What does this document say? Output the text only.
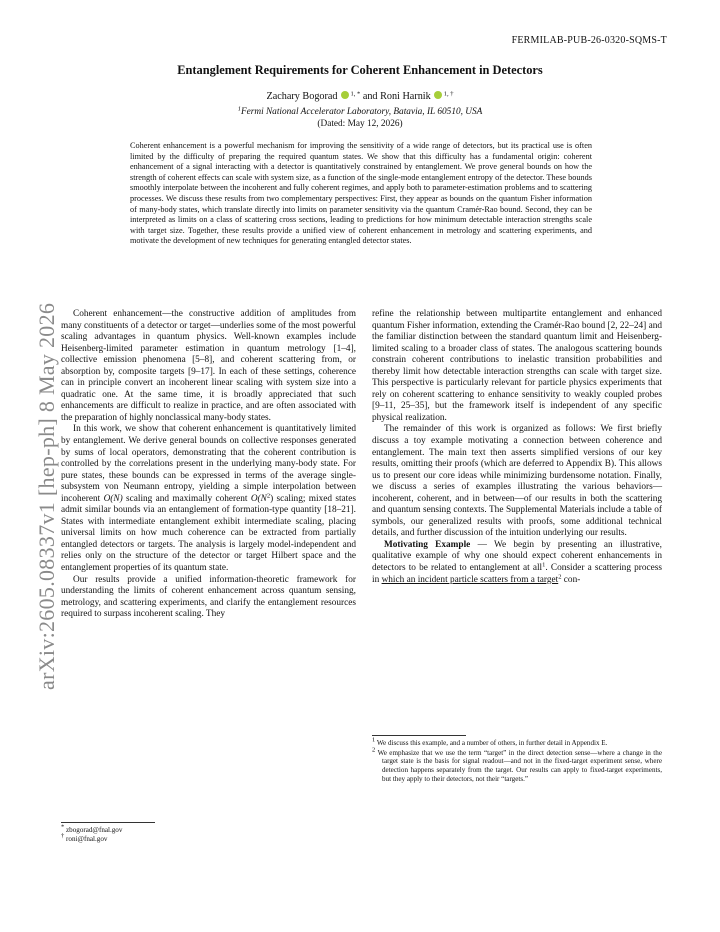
FERMILAB-PUB-26-0320-SQMS-T
arXiv:2605.08337v1 [hep-ph] 8 May 2026
Entanglement Requirements for Coherent Enhancement in Detectors
Zachary Bogorad $^{1, *}$ and Roni Harnik $^{1, \dagger}$
$^1$Fermi National Accelerator Laboratory, Batavia, IL 60510, USA
(Dated: May 12, 2026)
Coherent enhancement is a powerful mechanism for improving the sensitivity of a wide range of detectors, but its practical use is often limited by the difficulty of preparing the required quantum states. We show that this difficulty has a fundamental origin: coherent enhancement of a signal interacting with a detector is quantitatively constrained by entanglement. We prove general bounds on how the strength of coherent effects can scale with system size, as a function of the single-mode entanglement entropy of the detector. These bounds smoothly interpolate between the incoherent and fully coherent regimes, and apply both to parameter-estimation problems and to scattering processes. We discuss these results from two complementary perspectives: First, they appear as bounds on the quantum Fisher information of many-body states, which translate directly into limits on parameter sensitivity via the quantum Cramér-Rao bound. Second, they can be interpreted as limits on a class of scattering cross sections, leading to predictions for how minimum detectable interaction strengths scale with target size. Together, these results provide a unified view of coherent enhancement in metrology and scattering experiments, and motivate the development of new techniques for generating entangled detector states.

Coherent enhancement—the constructive addition of amplitudes from many constituents of a detector or target—underlies some of the most powerful scaling advantages in quantum physics. Well-known examples include Heisenberg-limited parameter estimation in quantum metrology [1–4], collective emission phenomena [5–8], and coherent scattering from, or absorption by, composite targets [9–17]. In each of these settings, coherence can in principle convert an incoherent linear scaling with system size into a quadratic one. At the same time, it is broadly appreciated that such enhancements are difficult to realize in practice, and are often associated with the preparation of highly nonclassical many-body states.

In this work, we show that coherent enhancement is quantitatively limited by entanglement. We derive general bounds on collective responses generated by sums of local operators, demonstrating that the coherent contribution is controlled by the correlations present in the underlying many-body state. For pure states, these bounds can be expressed in terms of the average single-subsystem von Neumann entropy, yielding a simple interpolation between incoherent O(N) scaling and maximally coherent $O(N^2)$ scaling; mixed states admit similar bounds via an entanglement of formation-type quantity [18–21]. States with intermediate entanglement exhibit intermediate scaling, placing universal limits on how much coherence can be extracted from partially entangled detectors or targets. The analysis is largely model-independent and relies only on the structure of the detector or target Hilbert space and the entanglement properties of its quantum state.

Our results provide a unified information-theoretic framework for understanding the limits of coherent enhancement across quantum sensing, metrology, and scattering experiments, and clarify the entanglement resources required to surpass incoherent scaling. They

* zbogorad@fnal.gov
† roni@fnal.gov

refine the relationship between multipartite entanglement and enhanced quantum Fisher information, extending the Cramér-Rao bound [2, 22–24] and the familiar distinction between the standard quantum limit and Heisenberg-limited scaling to a broader class of states. The analogous scattering bounds constrain coherent contributions to inelastic transition probabilities and thereby limit how detectable interaction strengths can scale with target size. This perspective is particularly relevant for particle physics experiments that rely on coherent scattering to enhance sensitivity to weakly coupled probes [9–11, 25–35], but the framework itself is independent of any specific physical realization.

The remainder of this work is organized as follows: We first briefly discuss a toy example motivating a connection between coherence and entanglement. The main text then asserts simplified versions of our key results, omitting their proofs (which are deferred to Appendix B). This allows us to present our core ideas while minimizing burdensome notation. Finally, we discuss a series of examples illustrating the various behaviors—incoherent, coherent, and in between—of our results in both the scattering and quantum sensing contexts. The Supplemental Materials include a table of symbols, our generalized results with proofs, some additional technical details, and further discussion of the intuition underlying our results.

Motivating Example — We begin by presenting an illustrative, qualitative example of why one should expect coherent enhancements in detectors to be related to entanglement at all$^1$. Consider a scattering process in which an incident particle scatters from a target$^2$ con-

$^1$ We discuss this example, and a number of others, in further detail in Appendix E.
$^2$ We emphasize that we use the term “target” in the direct detection sense—where a change in the target state is the basis for signal readout—and not in the fixed-target experiment sense, where detection happens separately from the target. Our results can apply to fixed-target experiments, but they apply to their detectors, not their “targets.”
